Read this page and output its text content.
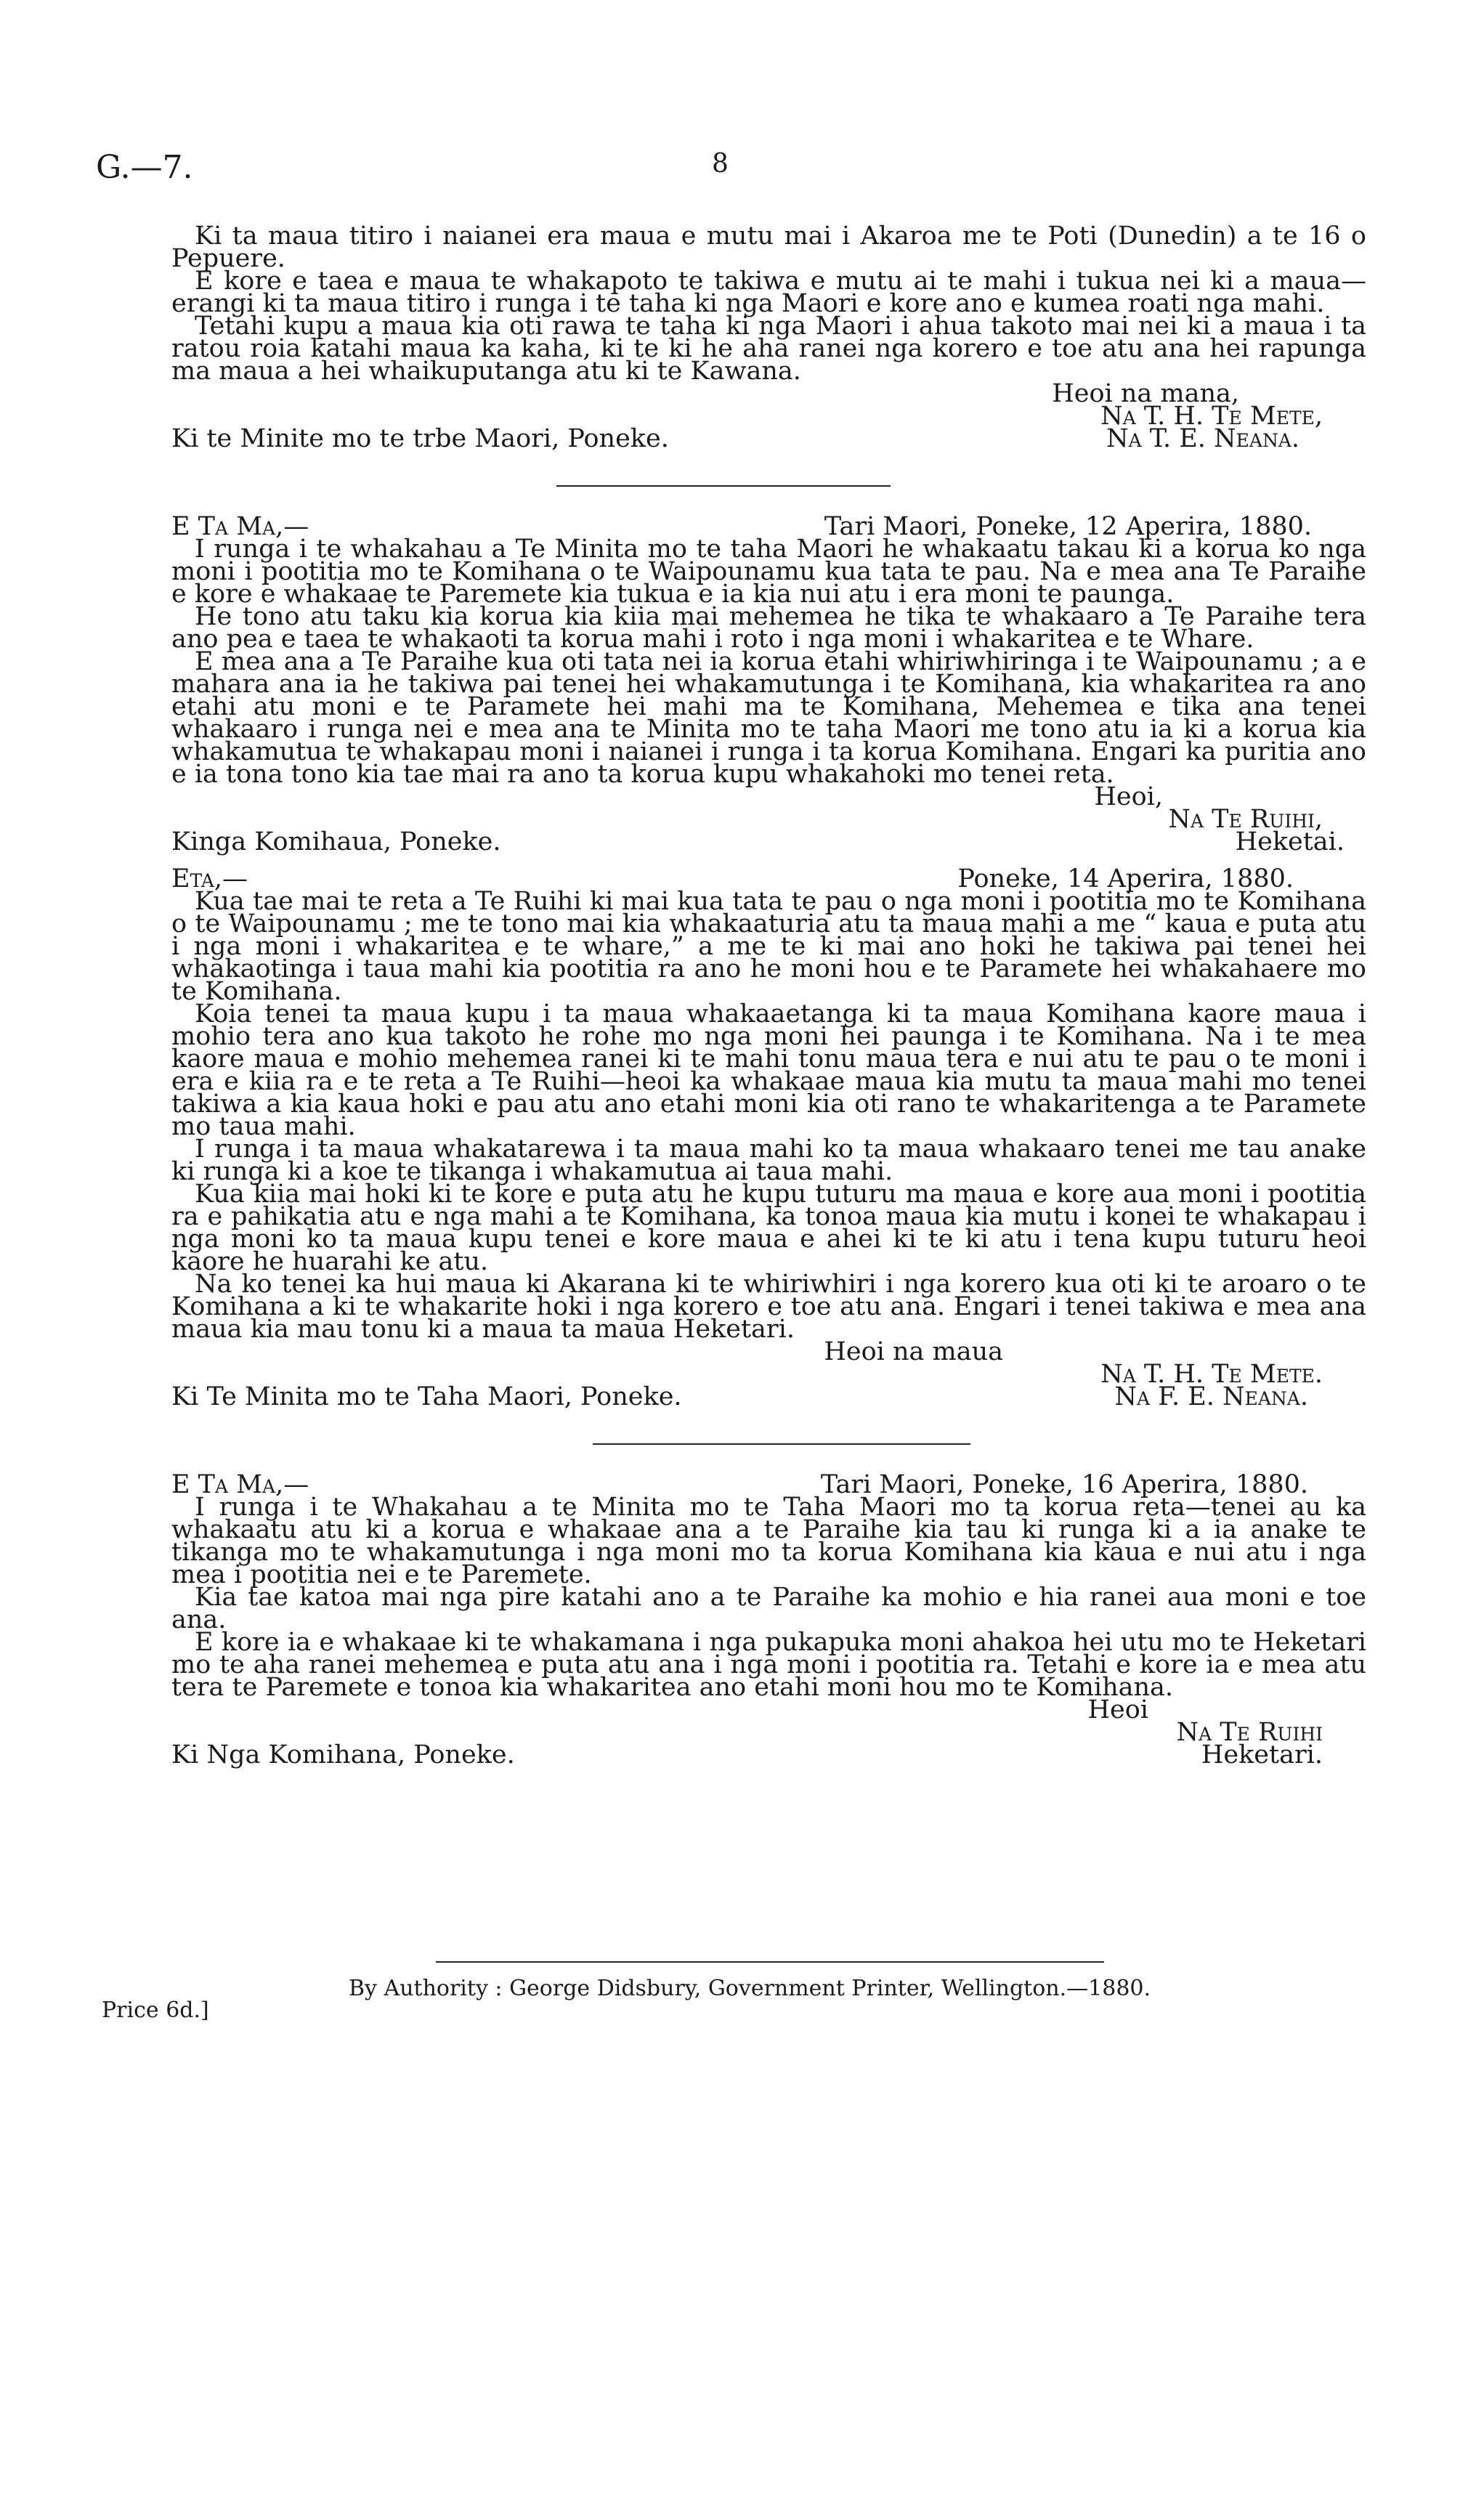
G.—7.	8

Ki ta maua titiro i naianei era maua e mutu mai i Akaroa me te Poti (Dunedin) a te 16 o Pepuere.

E kore e taea e maua te whakapoto te takiwa e mutu ai te mahi i tukua nei ki a maua—erangi ki ta maua titiro i runga i te taha ki nga Maori e kore ano e kumea roati nga mahi.

Tetahi kupu a maua kia oti rawa te taha ki nga Maori i ahua takoto mai nei ki a maua i ta ratou roia katahi maua ka kaha, ki te ki he aha ranei nga korero e toe atu ana hei rapunga ma maua a hei whaikuputanga atu ki te Kawana.

Heoi na mana,
Na T. H. Te Mete,
Ki te Minite mo te trbe Maori, Poneke.	Na T. E. Neana.
E Ta Ma,—	Tari Maori, Poneke, 12 Aperira, 1880.

I runga i te whakahau a Te Minita mo te taha Maori he whakaatu takau ki a korua ko nga moni i pootitia mo te Komihana o te Waipounamu kua tata te pau. Na e mea ana Te Paraihe e kore e whakaae te Paremete kia tukua e ia kia nui atu i era moni te paunga.

He tono atu taku kia korua kia kiia mai mehemea he tika te whakaaro a Te Paraihe tera ano pea e taea te whakaoti ta korua mahi i roto i nga moni i whakaritea e te Whare.

E mea ana a Te Paraihe kua oti tata nei ia korua etahi whiriwhiringa i te Waipounamu ; a e mahara ana ia he takiwa pai tenei hei whakamutunga i te Komihana, kia whakaritea ra ano etahi atu moni e te Paramete hei mahi ma te Komihana, Mehemea e tika ana tenei whakaaro i runga nei e mea ana te Minita mo te taha Maori me tono atu ia ki a korua kia whakamutua te whakapau moni i naianei i runga i ta korua Komihana. Engari ka puritia ano e ia tona tono kia tae mai ra ano ta korua kupu whakahoki mo tenei reta.

Heoi,
Na Te Ruihi,
Kinga Komihaua, Poneke.	Heketai.
Eta,—	Poneke, 14 Aperira, 1880.

Kua tae mai te reta a Te Ruihi ki mai kua tata te pau o nga moni i pootitia mo te Komihana o te Waipounamu ; me te tono mai kia whakaaturia atu ta maua mahi a me “ kaua e puta atu i nga moni i whakaritea e te whare,” a me te ki mai ano hoki he takiwa pai tenei hei whakaotinga i taua mahi kia pootitia ra ano he moni hou e te Paramete hei whakahaere mo te Komihana.

Koia tenei ta maua kupu i ta maua whakaaetanga ki ta maua Komihana kaore maua i mohio tera ano kua takoto he rohe mo nga moni hei paunga i te Komihana. Na i te mea kaore maua e mohio mehemea ranei ki te mahi tonu maua tera e nui atu te pau o te moni i era e kiia ra e te reta a Te Ruihi—heoi ka whakaae maua kia mutu ta maua mahi mo tenei takiwa a kia kaua hoki e pau atu ano etahi moni kia oti rano te whakaritenga a te Paramete mo taua mahi.

I runga i ta maua whakatarewa i ta maua mahi ko ta maua whakaaro tenei me tau anake ki runga ki a koe te tikanga i whakamutua ai taua mahi.

Kua kiia mai hoki ki te kore e puta atu he kupu tuturu ma maua e kore aua moni i pootitia ra e pahikatia atu e nga mahi a te Komihana, ka tonoa maua kia mutu i konei te whakapau i nga moni ko ta maua kupu tenei e kore maua e ahei ki te ki atu i tena kupu tuturu heoi kaore he huarahi ke atu.

Na ko tenei ka hui maua ki Akarana ki te whiriwhiri i nga korero kua oti ki te aroaro o te Komihana a ki te whakarite hoki i nga korero e toe atu ana. Engari i tenei takiwa e mea ana maua kia mau tonu ki a maua ta maua Heketari.

Heoi na maua
Na T. H. Te Mete.
Ki Te Minita mo te Taha Maori, Poneke.	Na F. E. Neana.
E Ta Ma,—	Tari Maori, Poneke, 16 Aperira, 1880.

I runga i te Whakahau a te Minita mo te Taha Maori mo ta korua reta—tenei au ka whakaatu atu ki a korua e whakaae ana a te Paraihe kia tau ki runga ki a ia anake te tikanga mo te whakamutunga i nga moni mo ta korua Komihana kia kaua e nui atu i nga mea i pootitia nei e te Paremete.

Kia tae katoa mai nga pire katahi ano a te Paraihe ka mohio e hia ranei aua moni e toe ana.

E kore ia e whakaae ki te whakamana i nga pukapuka moni ahakoa hei utu mo te Heketari mo te aha ranei mehemea e puta atu ana i nga moni i pootitia ra. Tetahi e kore ia e mea atu tera te Paremete e tonoa kia whakaritea ano etahi moni hou mo te Komihana.

Heoi
Na Te Ruihi
Ki Nga Komihana, Poneke.	Heketari.
By Authority : George Didsbury, Government Printer, Wellington.—1880.
Price 6d.]
